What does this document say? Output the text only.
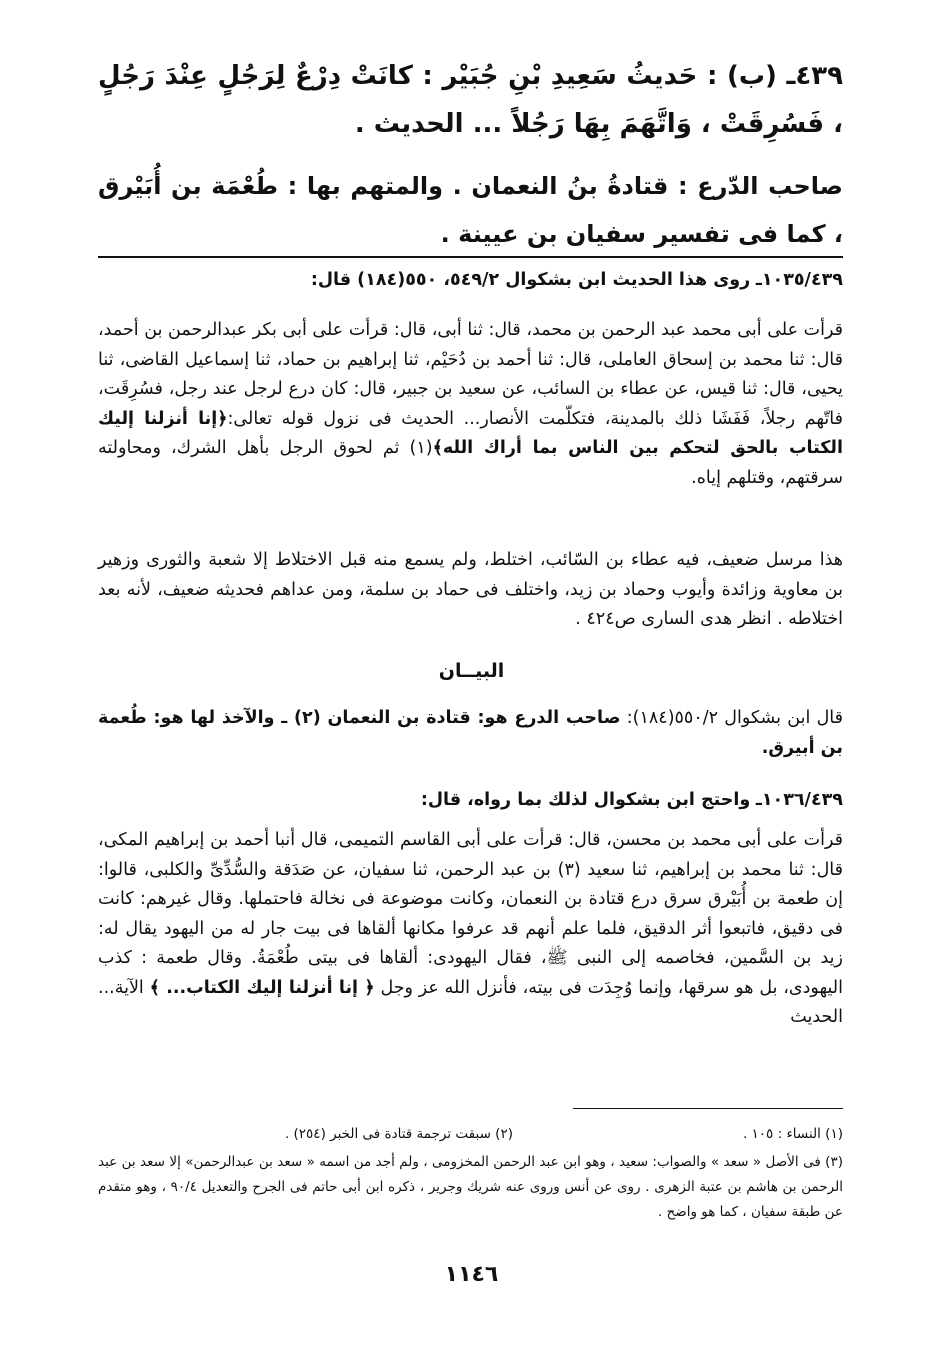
٤٣٩ـ (ب) : حَديثُ سَعِيدِ بْنِ جُبَيْر : كانَتْ دِرْعٌ لِرَجُلٍ عِنْدَ رَجُلٍ ، فَسُرِقَتْ ، وَاتَّهَمَ بِهَا رَجُلاً ... الحديث .
صاحب الدّرع : قتادةُ بنُ النعمان . والمتهم بها : طُعْمَة بن أُبَيْرق ، كما فى تفسير سفيان بن عيينة .
١٠٣٥/٤٣٩ـ روى هذا الحديث ابن بشكوال ٥٤٩/٢، ٥٥٠(١٨٤) قال:
قرأت على أبى محمد عبد الرحمن بن محمد، قال: ثنا أبى، قال: قرأت على أبى بكر عبدالرحمن بن أحمد، قال: ثنا محمد بن إسحاق العاملى، قال: ثنا أحمد بن دُحَيْم، ثنا إبراهيم بن حماد، ثنا إسماعيل القاضى، ثنا يحيى، قال: ثنا قيس، عن عطاء بن السائب، عن سعيد بن جبير، قال: كان درع لرجل عند رجل، فسُرِقَت، فاتّهم رجلاً، فَفَشَا ذلك بالمدينة، فتكلّمت الأنصار... الحديث فى نزول قوله تعالى:﴿إنا أنزلنا إليك الكتاب بالحق لتحكم بين الناس بما أراك الله﴾(١) ثم لحوق الرجل بأهل الشرك، ومحاولته سرقتهم، وقتلهم إياه.
هذا مرسل ضعيف، فيه عطاء بن السّائب، اختلط، ولم يسمع منه قبل الاختلاط إلا شعبة والثورى وزهير بن معاوية وزائدة وأيوب وحماد بن زيد، واختلف فى حماد بن سلمة، ومن عداهم فحديثه ضعيف، لأنه بعد اختلاطه . انظر هدى السارى ص٤٢٤ .
البيــان
قال ابن بشكوال ٥٥٠/٢(١٨٤): صاحب الدرع هو: قتادة بن النعمان (٢) ـ والآخذ لها هو: طُعمة بن أبيرق.
١٠٣٦/٤٣٩ـ واحتج ابن بشكوال لذلك بما رواه، قال:
قرأت على أبى محمد بن محسن، قال: قرأت على أبى القاسم التميمى، قال أنبا أحمد بن إبراهيم المكى، قال: ثنا محمد بن إبراهيم، ثنا سعيد (٣) بن عبد الرحمن، ثنا سفيان، عن صَدَقة والسُّدِّىِّ والكلبى، قالوا: إن طعمة بن أُبَيْرق سرق درع قتادة بن النعمان، وكانت موضوعة فى نخالة فاحتملها. وقال غيرهم: كانت فى دقيق، فاتبعوا أثر الدقيق، فلما علم أنهم قد عرفوا مكانها ألقاها فى بيت جار له من اليهود يقال له: زيد بن السَّمين، فخاصمه إلى النبى ﷺ، فقال اليهودى: ألقاها فى بيتى طُعْمَةُ. وقال طعمة : كذب اليهودى، بل هو سرقها، وإنما وُجِدَت فى بيته، فأنزل الله عز وجل ﴿ إنا أنزلنا إليك الكتاب... ﴾ الآية... الحديث
(١) النساء : ١٠٥ .(٢) سبقت ترجمة قتادة فى الخبر (٢٥٤) .
(٣) فى الأصل « سعد » والصواب: سعيد ، وهو ابن عبد الرحمن المخزومى ، ولم أجد من اسمه « سعد بن عبدالرحمن» إلا سعد بن عبد الرحمن بن هاشم بن عتبة الزهرى . روى عن أنس وروى عنه شريك وجرير ، ذكره ابن أبى حاتم فى الجرح والتعديل ٩٠/٤ ، وهو متقدم عن طبقة سفيان ، كما هو واضح .
١١٤٦
